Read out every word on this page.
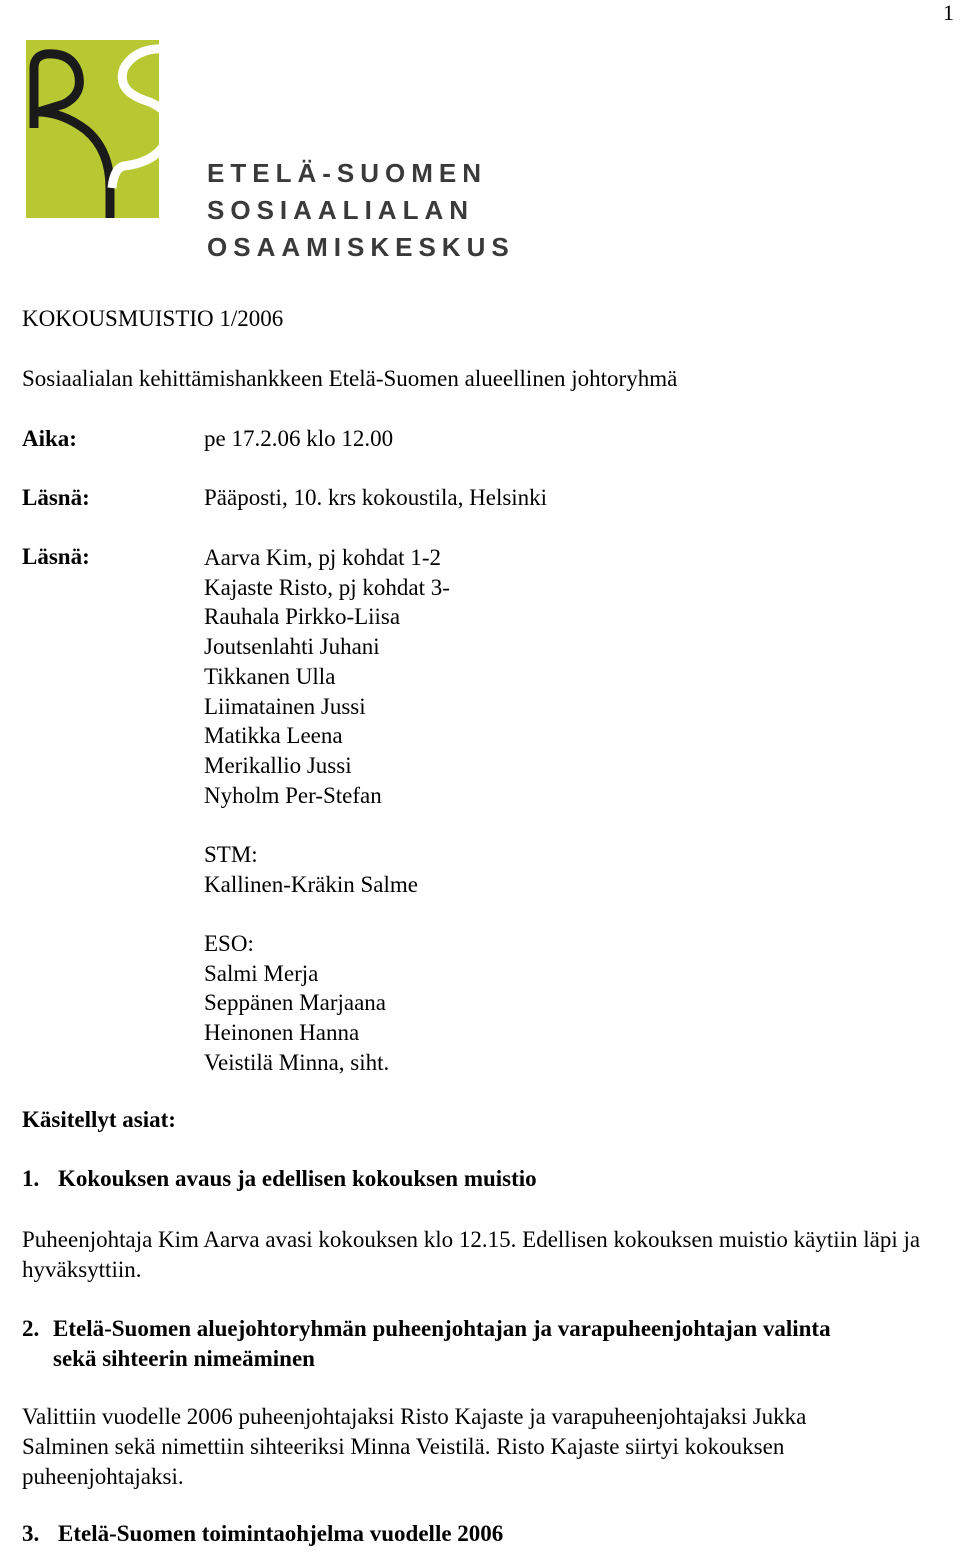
1
ETELÄ-SUOMEN
SOSIAALIALAN
OSAAMISKESKUS
KOKOUSMUISTIO 1/2006
Sosiaalialan kehittämishankkeen Etelä-Suomen alueellinen johtoryhmä
Aika:	pe 17.2.06 klo 12.00
Läsnä:	Pääposti, 10. krs kokoustila, Helsinki
Läsnä:	Aarva Kim, pj kohdat 1-2
Kajaste Risto, pj kohdat 3-
Rauhala Pirkko-Liisa
Joutsenlahti Juhani
Tikkanen Ulla
Liimatainen Jussi
Matikka Leena
Merikallio Jussi
Nyholm Per-Stefan
STM:
Kallinen-Kräkin Salme
ESO:
Salmi Merja
Seppänen Marjaana
Heinonen Hanna
Veistilä Minna, siht.
Käsitellyt asiat:
1. Kokouksen avaus ja edellisen kokouksen muistio
Puheenjohtaja Kim Aarva avasi kokouksen klo 12.15. Edellisen kokouksen muistio käytiin läpi ja hyväksyttiin.
2. Etelä-Suomen aluejohtoryhmän puheenjohtajan ja varapuheenjohtajan valinta
sekä sihteerin nimeäminen
Valittiin vuodelle 2006 puheenjohtajaksi Risto Kajaste ja varapuheenjohtajaksi Jukka
Salminen sekä nimettiin sihteeriksi Minna Veistilä. Risto Kajaste siirtyi kokouksen
puheenjohtajaksi.
3. Etelä-Suomen toimintaohjelma vuodelle 2006
